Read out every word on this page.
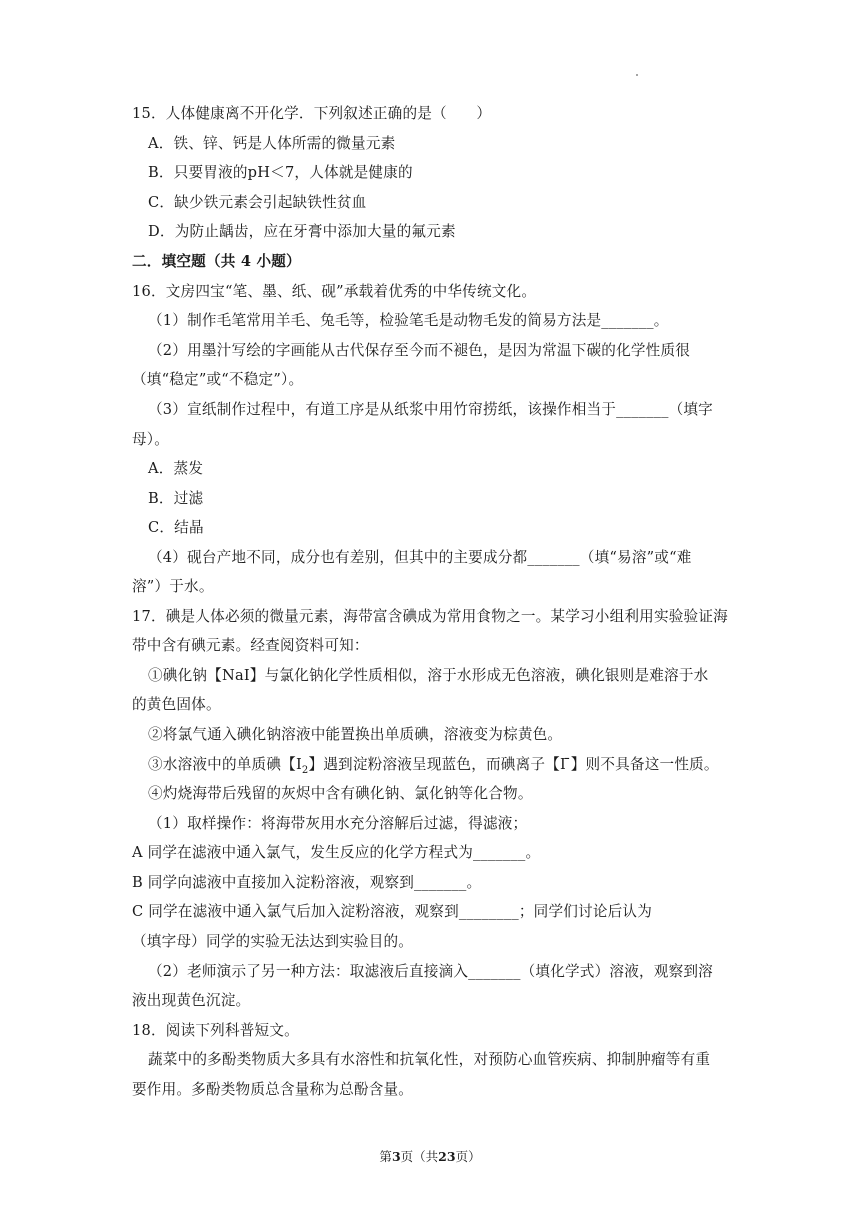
15．人体健康离不开化学．下列叙述正确的是（　　）
A．铁、锌、钙是人体所需的微量元素
B．只要胃液的pH＜7，人体就是健康的
C．缺少铁元素会引起缺铁性贫血
D．为防止龋齿，应在牙膏中添加大量的氟元素
二．填空题（共 4 小题）
16．文房四宝“笔、墨、纸、砚”承载着优秀的中华传统文化。
（1）制作毛笔常用羊毛、兔毛等，检验笔毛是动物毛发的简易方法是_______。
（2）用墨汁写绘的字画能从古代保存至今而不褪色，是因为常温下碳的化学性质很
（填“稳定”或“不稳定”）。
（3）宣纸制作过程中，有道工序是从纸浆中用竹帘捞纸，该操作相当于_______（填字
母）。
A．蒸发
B．过滤
C．结晶
（4）砚台产地不同，成分也有差别，但其中的主要成分都_______（填“易溶”或“难
溶”）于水。
17．碘是人体必须的微量元素，海带富含碘成为常用食物之一。某学习小组利用实验验证海
带中含有碘元素。经查阅资料可知：
①碘化钠【NaI】与氯化钠化学性质相似，溶于水形成无色溶液，碘化银则是难溶于水
的黄色固体。
②将氯气通入碘化钠溶液中能置换出单质碘，溶液变为棕黄色。
③水溶液中的单质碘【$I_2$】遇到淀粉溶液呈现蓝色，而碘离子【I ̄】则不具备这一性质。
④灼烧海带后残留的灰烬中含有碘化钠、氯化钠等化合物。
（1）取样操作：将海带灰用水充分溶解后过滤，得滤液；
A 同学在滤液中通入氯气，发生反应的化学方程式为_______。
B 同学向滤液中直接加入淀粉溶液，观察到_______。
C 同学在滤液中通入氯气后加入淀粉溶液，观察到________；同学们讨论后认为
（填字母）同学的实验无法达到实验目的。
（2）老师演示了另一种方法：取滤液后直接滴入_______（填化学式）溶液，观察到溶
液出现黄色沉淀。
18．阅读下列科普短文。
蔬菜中的多酚类物质大多具有水溶性和抗氧化性，对预防心血管疾病、抑制肿瘤等有重
要作用。多酚类物质总含量称为总酚含量。
第3页（共23页）
